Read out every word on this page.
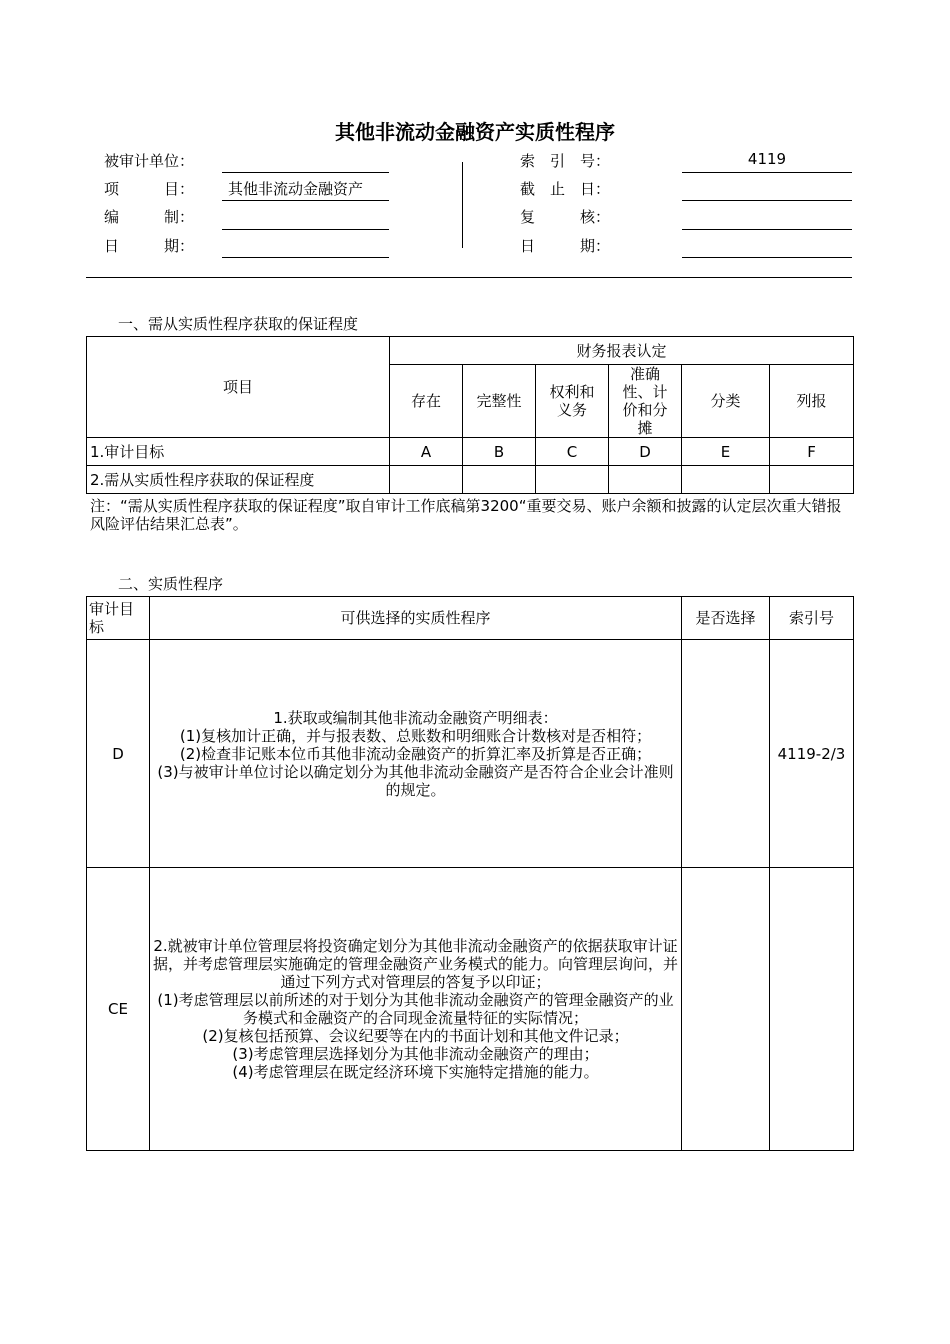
其他非流动金融资产实质性程序
被审计单位：
项　　　目： 其他非流动金融资产
编　　　制：
日　　　期：
索　引　号：	4119
截　止　日：
复　　　核：
日　　　期：
一、需从实质性程序获取的保证程度
项目	财务报表认定					
	存在	完整性	权利和义务	准确性、计价和分摊	分类	列报
1.审计目标	A	B	C	D	E	F
2.需从实质性程序获取的保证程度						
注：“需从实质性程序获取的保证程度”取自审计工作底稿第3200“重要交易、账户余额和披露的认定层次重大错报风险评估结果汇总表”。
二、实质性程序
审计目标	可供选择的实质性程序	是否选择	索引号
D	1.获取或编制其他非流动金融资产明细表：
(1)复核加计正确，并与报表数、总账数和明细账合计数核对是否相符；
(2)检查非记账本位币其他非流动金融资产的折算汇率及折算是否正确；
(3)与被审计单位讨论以确定划分为其他非流动金融资产是否符合企业会计准则的规定。		4119-2/3
CE	2.就被审计单位管理层将投资确定划分为其他非流动金融资产的依据获取审计证据，并考虑管理层实施确定的管理金融资产业务模式的能力。向管理层询问，并通过下列方式对管理层的答复予以印证；
(1)考虑管理层以前所述的对于划分为其他非流动金融资产的管理金融资产的业务模式和金融资产的合同现金流量特征的实际情况；
(2)复核包括预算、会议纪要等在内的书面计划和其他文件记录；
(3)考虑管理层选择划分为其他非流动金融资产的理由；
(4)考虑管理层在既定经济环境下实施特定措施的能力。		
